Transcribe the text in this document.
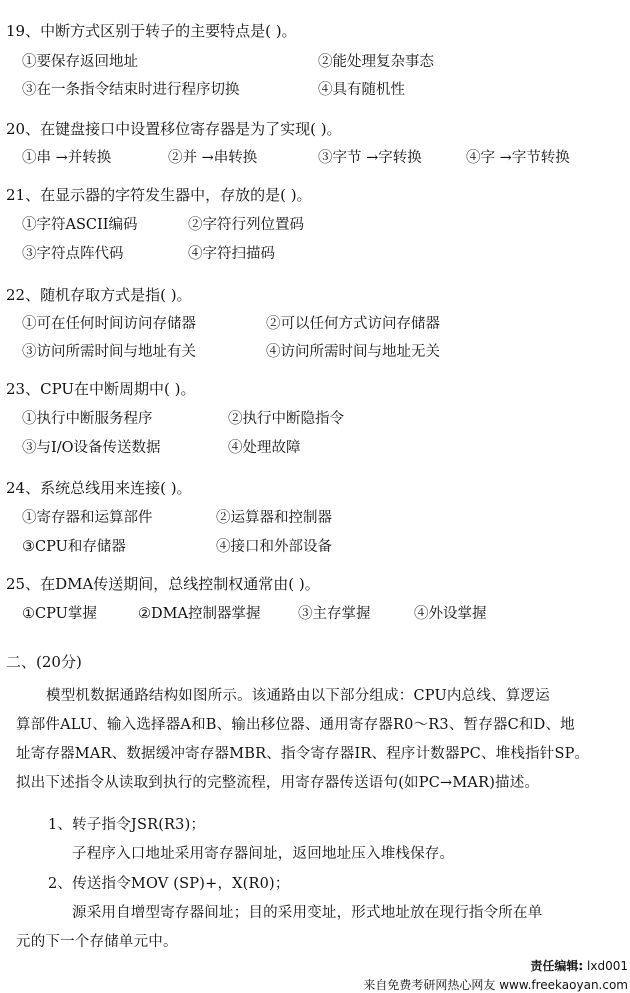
19、中断方式区别于转子的主要特点是( )。
①要保存返回地址	②能处理复杂事态
③在一条指令结束时进行程序切换	④具有随机性
20、在键盘接口中设置移位寄存器是为了实现( )。
①串 →并转换	②并 →串转换	③字节 →字转换	④字 →字节转换
21、在显示器的字符发生器中，存放的是( )。
①字符ASCII编码	②字符行列位置码
③字符点阵代码	④字符扫描码
22、随机存取方式是指( )。
①可在任何时间访问存储器	②可以任何方式访问存储器
③访问所需时间与地址有关	④访问所需时间与地址无关
23、CPU在中断周期中( )。
①执行中断服务程序	②执行中断隐指令
③与I/O设备传送数据	④处理故障
24、系统总线用来连接( )。
①寄存器和运算部件	②运算器和控制器
③CPU和存储器	④接口和外部设备
25、在DMA传送期间，总线控制权通常由( )。
①CPU掌握	②DMA控制器掌握	③主存掌握	④外设掌握
二、(20分)
模型机数据通路结构如图所示。该通路由以下部分组成：CPU内总线、算逻运
算部件ALU、输入选择器A和B、输出移位器、通用寄存器R0～R3、暂存器C和D、地
址寄存器MAR、数据缓冲寄存器MBR、指令寄存器IR、程序计数器PC、堆栈指针SP。
拟出下述指令从读取到执行的完整流程，用寄存器传送语句(如PC→MAR)描述。
1、转子指令JSR(R3)；
子程序入口地址采用寄存器间址，返回地址压入堆栈保存。
2、传送指令MOV (SP)+，X(R0)；
源采用自增型寄存器间址；目的采用变址，形式地址放在现行指令所在单
元的下一个存储单元中。
责任编辑: lxd001
来自免费考研网热心网友 www.freekaoyan.com
